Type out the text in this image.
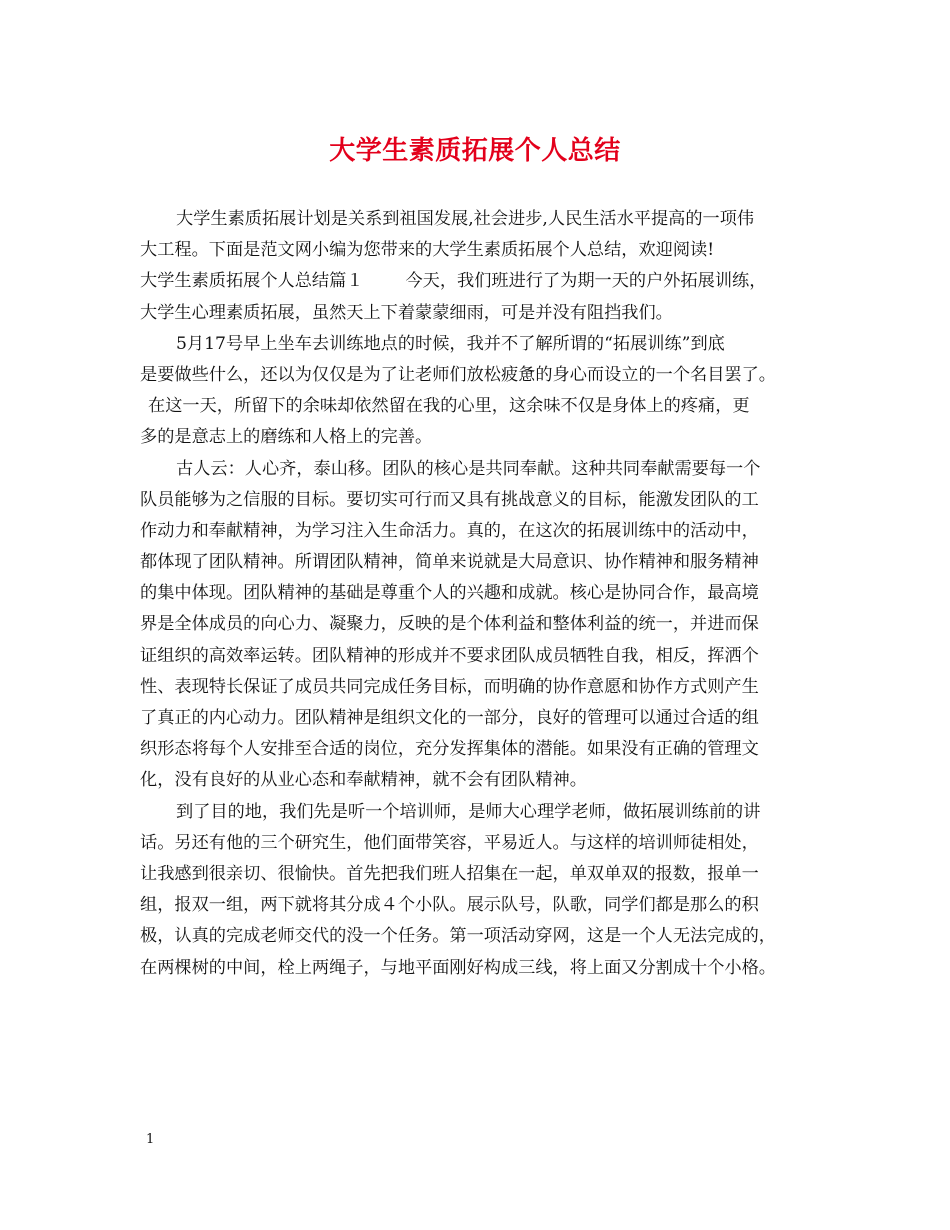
大学生素质拓展个人总结
大学生素质拓展计划是关系到祖国发展,社会进步,人民生活水平提高的一项伟
大工程。下面是范文网小编为您带来的大学生素质拓展个人总结，欢迎阅读!
大学生素质拓展个人总结篇１ 今天，我们班进行了为期一天的户外拓展训练，
大学生心理素质拓展，虽然天上下着蒙蒙细雨，可是并没有阻挡我们。
5月17号早上坐车去训练地点的时候，我并不了解所谓的“拓展训练”到底
是要做些什么，还以为仅仅是为了让老师们放松疲惫的身心而设立的一个名目罢了。
在这一天，所留下的余味却依然留在我的心里，这余味不仅是身体上的疼痛，更
多的是意志上的磨练和人格上的完善。
古人云：人心齐，泰山移。团队的核心是共同奉献。这种共同奉献需要每一个
队员能够为之信服的目标。要切实可行而又具有挑战意义的目标，能激发团队的工
作动力和奉献精神，为学习注入生命活力。真的，在这次的拓展训练中的活动中，
都体现了团队精神。所谓团队精神，简单来说就是大局意识、协作精神和服务精神
的集中体现。团队精神的基础是尊重个人的兴趣和成就。核心是协同合作，最高境
界是全体成员的向心力、凝聚力，反映的是个体利益和整体利益的统一，并进而保
证组织的高效率运转。团队精神的形成并不要求团队成员牺牲自我，相反，挥洒个
性、表现特长保证了成员共同完成任务目标，而明确的协作意愿和协作方式则产生
了真正的内心动力。团队精神是组织文化的一部分，良好的管理可以通过合适的组
织形态将每个人安排至合适的岗位，充分发挥集体的潜能。如果没有正确的管理文
化，没有良好的从业心态和奉献精神，就不会有团队精神。
到了目的地，我们先是听一个培训师，是师大心理学老师，做拓展训练前的讲
话。另还有他的三个研究生，他们面带笑容，平易近人。与这样的培训师徒相处，
让我感到很亲切、很愉快。首先把我们班人招集在一起，单双单双的报数，报单一
组，报双一组，两下就将其分成４个小队。展示队号，队歌，同学们都是那么的积
极，认真的完成老师交代的没一个任务。第一项活动穿网，这是一个人无法完成的，
在两棵树的中间，栓上两绳子，与地平面刚好构成三线，将上面又分割成十个小格。
1
